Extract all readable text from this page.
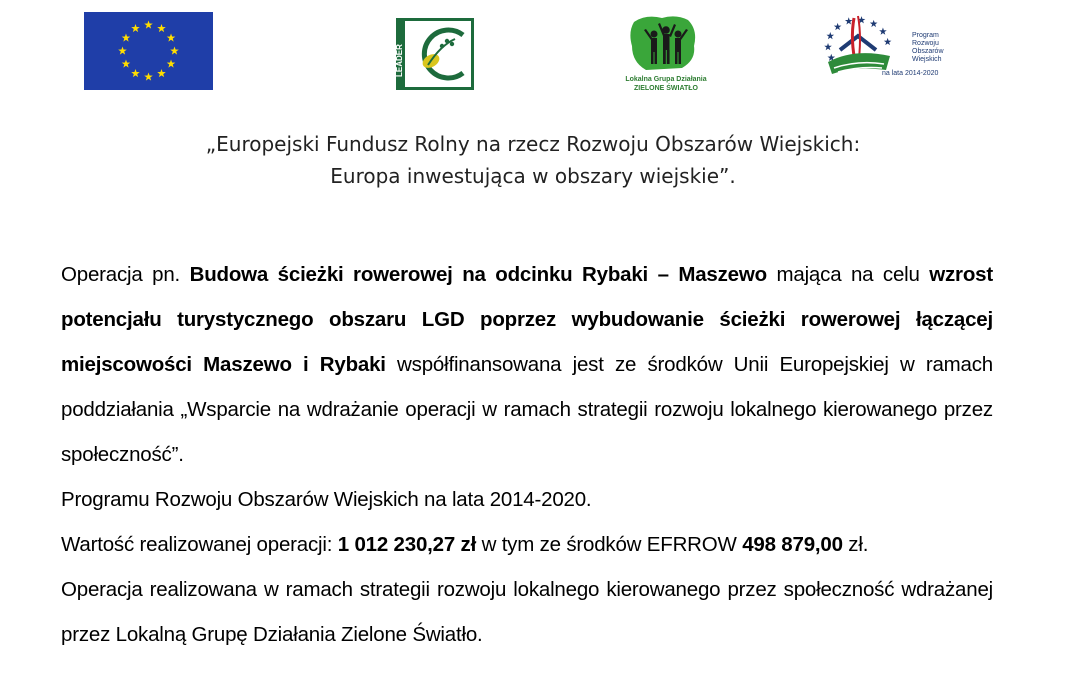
LEADER
Lokalna Grupa Działania
ZIELONE ŚWIATŁO
Program
Rozwoju
Obszarów
Wiejskich
na lata 2014-2020
„Europejski Fundusz Rolny na rzecz Rozwoju Obszarów Wiejskich:
Europa inwestująca w obszary wiejskie”.

Operacja pn. Budowa ścieżki rowerowej na odcinku Rybaki – Maszewo mająca na celu wzrost potencjału turystycznego obszaru LGD poprzez wybudowanie ścieżki rowerowej łączącej miejscowości Maszewo i Rybaki współfinansowana jest ze środków Unii Europejskiej w ramach poddziałania „Wsparcie na wdrażanie operacji w ramach strategii rozwoju lokalnego kierowanego przez społeczność”.

Programu Rozwoju Obszarów Wiejskich na lata 2014-2020.

Wartość realizowanej operacji: 1 012 230,27 zł w tym ze środków EFRROW 498 879,00 zł.

Operacja realizowana w ramach strategii rozwoju lokalnego kierowanego przez społeczność wdrażanej przez Lokalną Grupę Działania Zielone Światło.
